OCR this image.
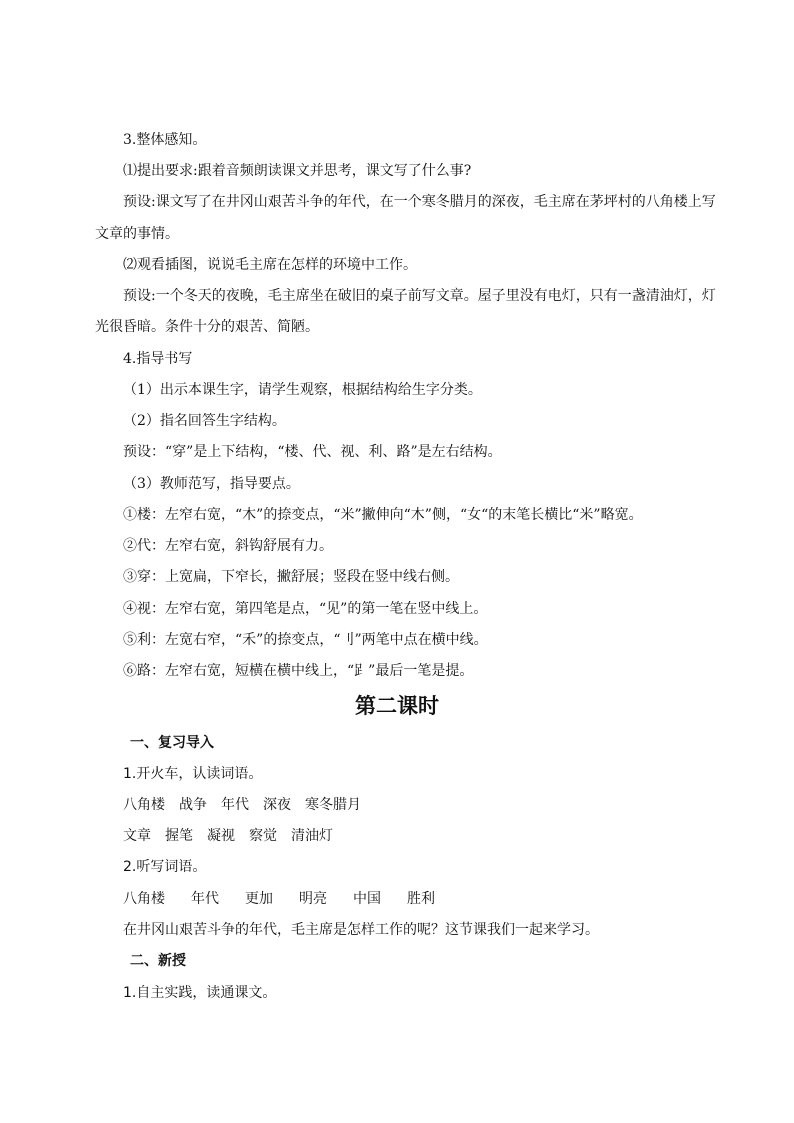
3.整体感知。

⑴提出要求:跟着音频朗读课文并思考，课文写了什么事?

预设:课文写了在井冈山艰苦斗争的年代，在一个寒冬腊月的深夜，毛主席在茅坪村的八角楼上写

文章的事情。

⑵观看插图，说说毛主席在怎样的环境中工作。

预设:一个冬天的夜晚，毛主席坐在破旧的桌子前写文章。屋子里没有电灯，只有一盏清油灯，灯

光很昏暗。条件十分的艰苦、简陋。

4.指导书写

（1）出示本课生字，请学生观察，根据结构给生字分类。

（2）指名回答生字结构。

预设：“穿”是上下结构，“楼、代、视、利、路”是左右结构。

（3）教师范写，指导要点。

①楼：左窄右宽，“木”的捺变点，“米”撇伸向“木”侧，“女“的末笔长横比“米”略宽。

②代：左窄右宽，斜钩舒展有力。

③穿：上宽扁，下窄长，撇舒展；竖段在竖中线右侧。

④视：左窄右宽，第四笔是点，“见”的第一笔在竖中线上。

⑤利：左宽右窄，“禾”的捺变点，“刂”两笔中点在横中线。

⑥路：左窄右宽，短横在横中线上，“𧾷”最后一笔是提。

第二课时

一、复习导入

1.开火车，认读词语。

八角楼 战争 年代 深夜 寒冬腊月

文章 握笔 凝视 察觉 清油灯

2.听写词语。

八角楼 年代 更加 明亮 中国 胜利

在井冈山艰苦斗争的年代，毛主席是怎样工作的呢？这节课我们一起来学习。

二、新授

1.自主实践，读通课文。
